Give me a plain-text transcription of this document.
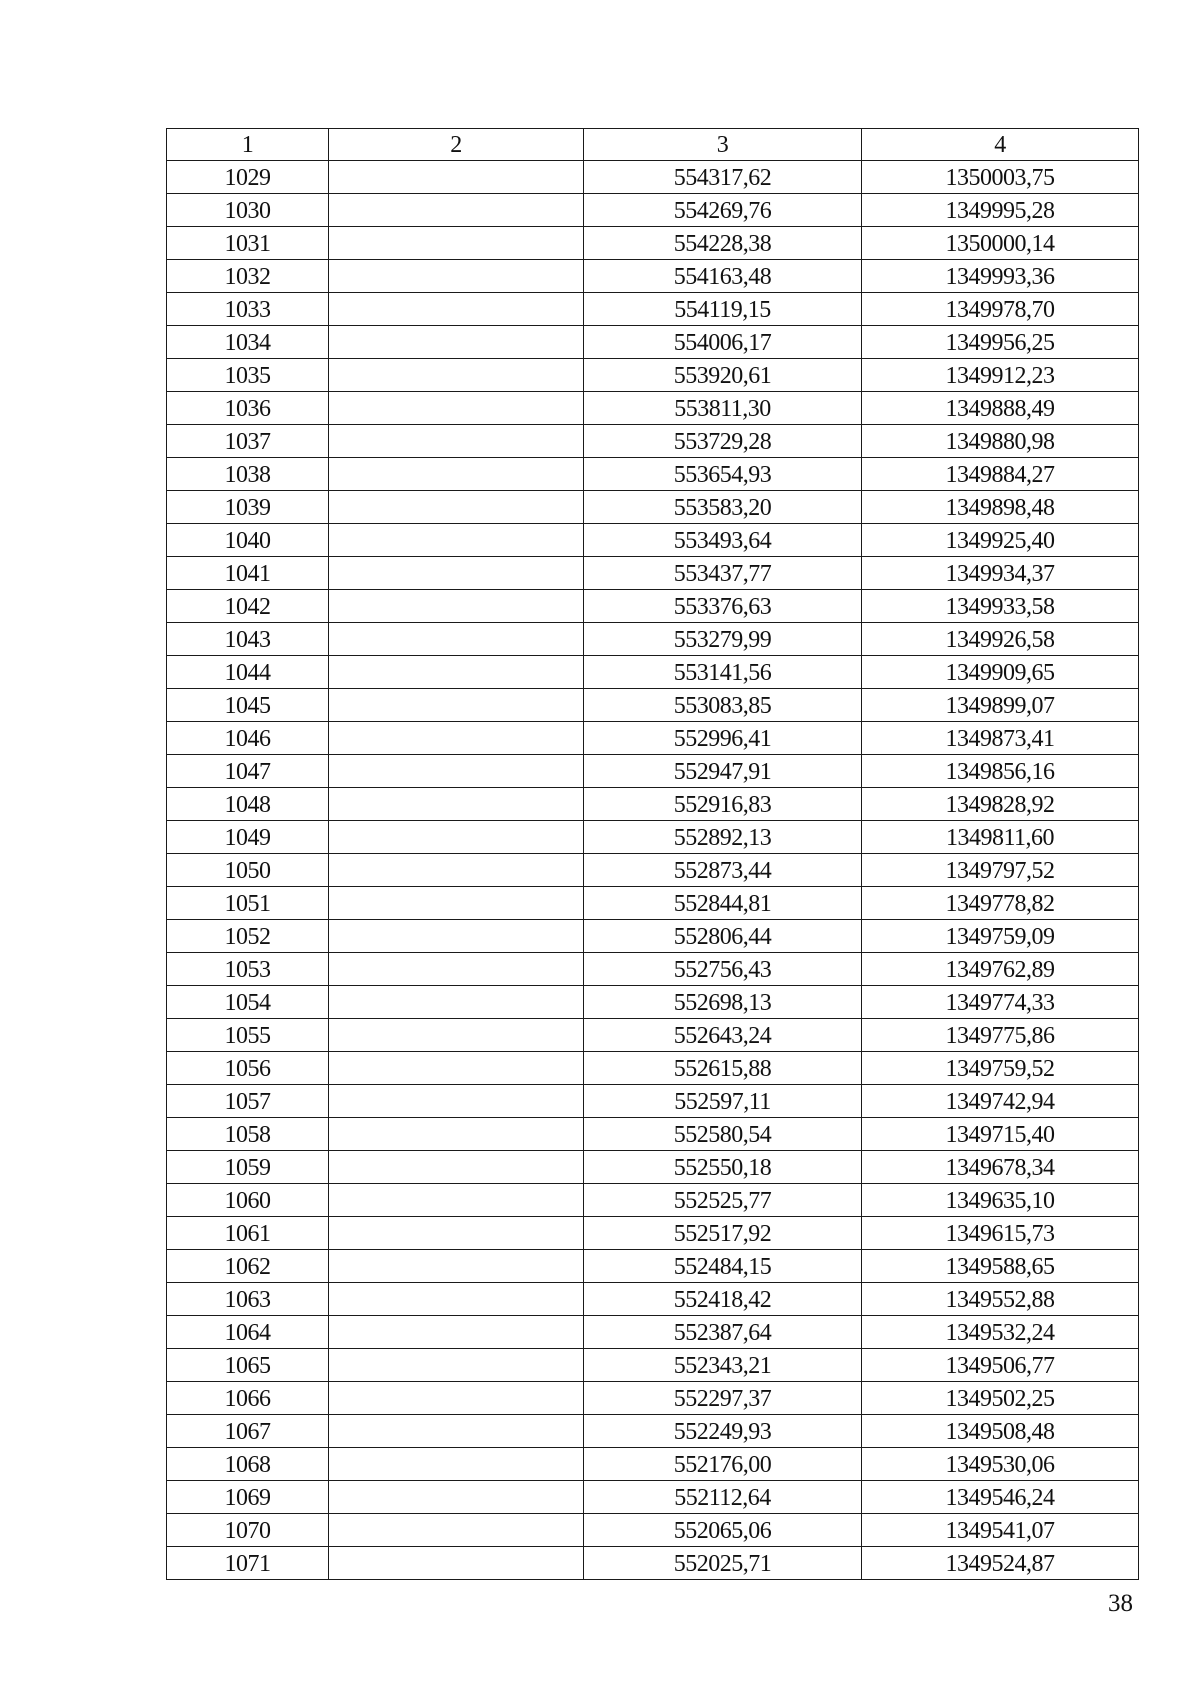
1	2	3	4
1029		554317,62	1350003,75
1030		554269,76	1349995,28
1031		554228,38	1350000,14
1032		554163,48	1349993,36
1033		554119,15	1349978,70
1034		554006,17	1349956,25
1035		553920,61	1349912,23
1036		553811,30	1349888,49
1037		553729,28	1349880,98
1038		553654,93	1349884,27
1039		553583,20	1349898,48
1040		553493,64	1349925,40
1041		553437,77	1349934,37
1042		553376,63	1349933,58
1043		553279,99	1349926,58
1044		553141,56	1349909,65
1045		553083,85	1349899,07
1046		552996,41	1349873,41
1047		552947,91	1349856,16
1048		552916,83	1349828,92
1049		552892,13	1349811,60
1050		552873,44	1349797,52
1051		552844,81	1349778,82
1052		552806,44	1349759,09
1053		552756,43	1349762,89
1054		552698,13	1349774,33
1055		552643,24	1349775,86
1056		552615,88	1349759,52
1057		552597,11	1349742,94
1058		552580,54	1349715,40
1059		552550,18	1349678,34
1060		552525,77	1349635,10
1061		552517,92	1349615,73
1062		552484,15	1349588,65
1063		552418,42	1349552,88
1064		552387,64	1349532,24
1065		552343,21	1349506,77
1066		552297,37	1349502,25
1067		552249,93	1349508,48
1068		552176,00	1349530,06
1069		552112,64	1349546,24
1070		552065,06	1349541,07
1071		552025,71	1349524,87
38
